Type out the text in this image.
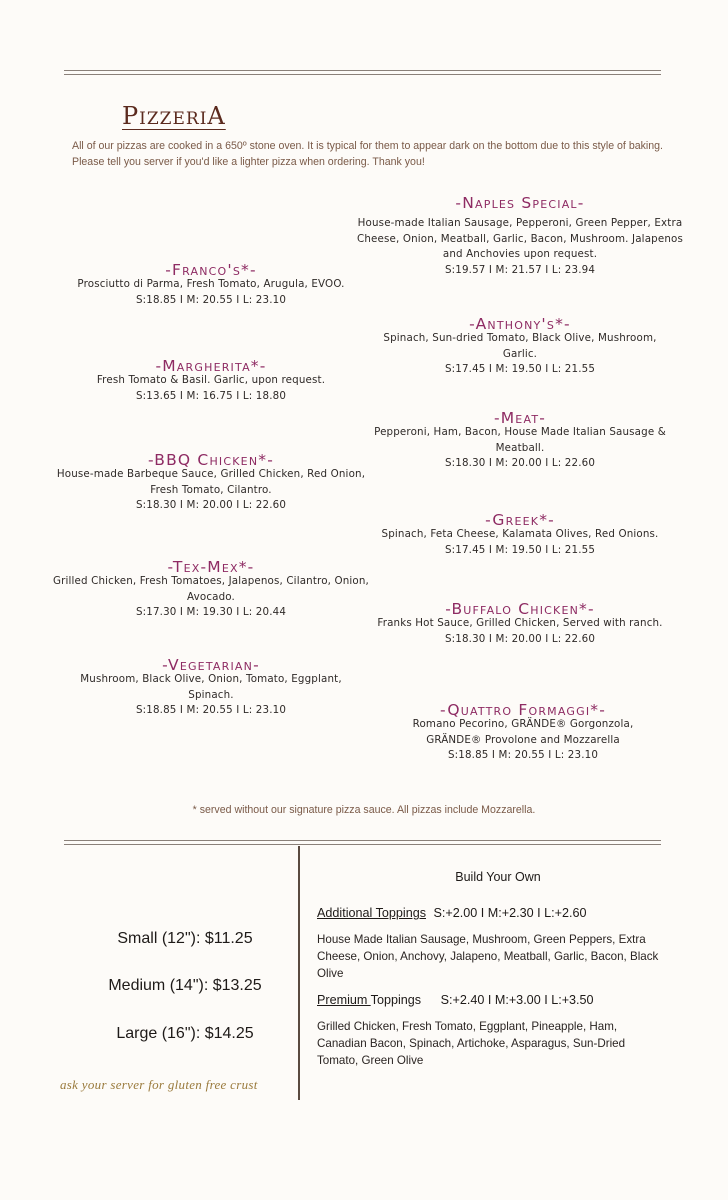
PizzeriA
All of our pizzas are cooked in a 650º stone oven. It is typical for them to appear dark on the bottom due to this style of baking. Please tell you server if you'd like a lighter pizza when ordering. Thank you!
-Naples Special-
House-made Italian Sausage, Pepperoni, Green Pepper, Extra Cheese, Onion, Meatball, Garlic, Bacon, Mushroom. Jalapenos and Anchovies upon request.
S:19.57 I M: 21.57 I L: 23.94
-Franco's*-
Prosciutto di Parma, Fresh Tomato, Arugula, EVOO.
S:18.85 I M: 20.55 I L: 23.10
-Anthony's*-
Spinach, Sun-dried Tomato, Black Olive, Mushroom, Garlic.
S:17.45 I M: 19.50 I L: 21.55
-Margherita*-
Fresh Tomato & Basil. Garlic, upon request.
S:13.65 I M: 16.75 I L: 18.80
-Meat-
Pepperoni, Ham, Bacon, House Made Italian Sausage & Meatball.
S:18.30 I M: 20.00 I L: 22.60
-BBQ Chicken*-
House-made Barbeque Sauce, Grilled Chicken, Red Onion, Fresh Tomato, Cilantro.
S:18.30 I M: 20.00 I L: 22.60
-Greek*-
Spinach, Feta Cheese, Kalamata Olives, Red Onions.
S:17.45 I M: 19.50 I L: 21.55
-Tex-Mex*-
Grilled Chicken, Fresh Tomatoes, Jalapenos, Cilantro, Onion, Avocado.
S:17.30 I M: 19.30 I L: 20.44	-Buffalo Chicken*-
Franks Hot Sauce, Grilled Chicken, Served with ranch.
S:18.30 I M: 20.00 I L: 22.60
-Vegetarian-
Mushroom, Black Olive, Onion, Tomato, Eggplant, Spinach.
S:18.85 I M: 20.55 I L: 23.10	-Quattro Formaggi*-
Romano Pecorino, GRÄNDE® Gorgonzola, GRÄNDE® Provolone and Mozzarella
S:18.85 I M: 20.55 I L: 23.10
* served without our signature pizza sauce. All pizzas include Mozzarella.
Small (12"): $11.25
Medium (14"): $13.25
Large (16"): $14.25
ask your server for gluten free crust
Build Your Own
Additional Toppings S:+2.00 I M:+2.30 I L:+2.60
House Made Italian Sausage, Mushroom, Green Peppers, Extra Cheese, Onion, Anchovy, Jalapeno, Meatball, Garlic, Bacon, Black Olive
Premium Toppings S:+2.40 I M:+3.00 I L:+3.50
Grilled Chicken, Fresh Tomato, Eggplant, Pineapple, Ham, Canadian Bacon, Spinach, Artichoke, Asparagus, Sun-Dried Tomato, Green Olive
